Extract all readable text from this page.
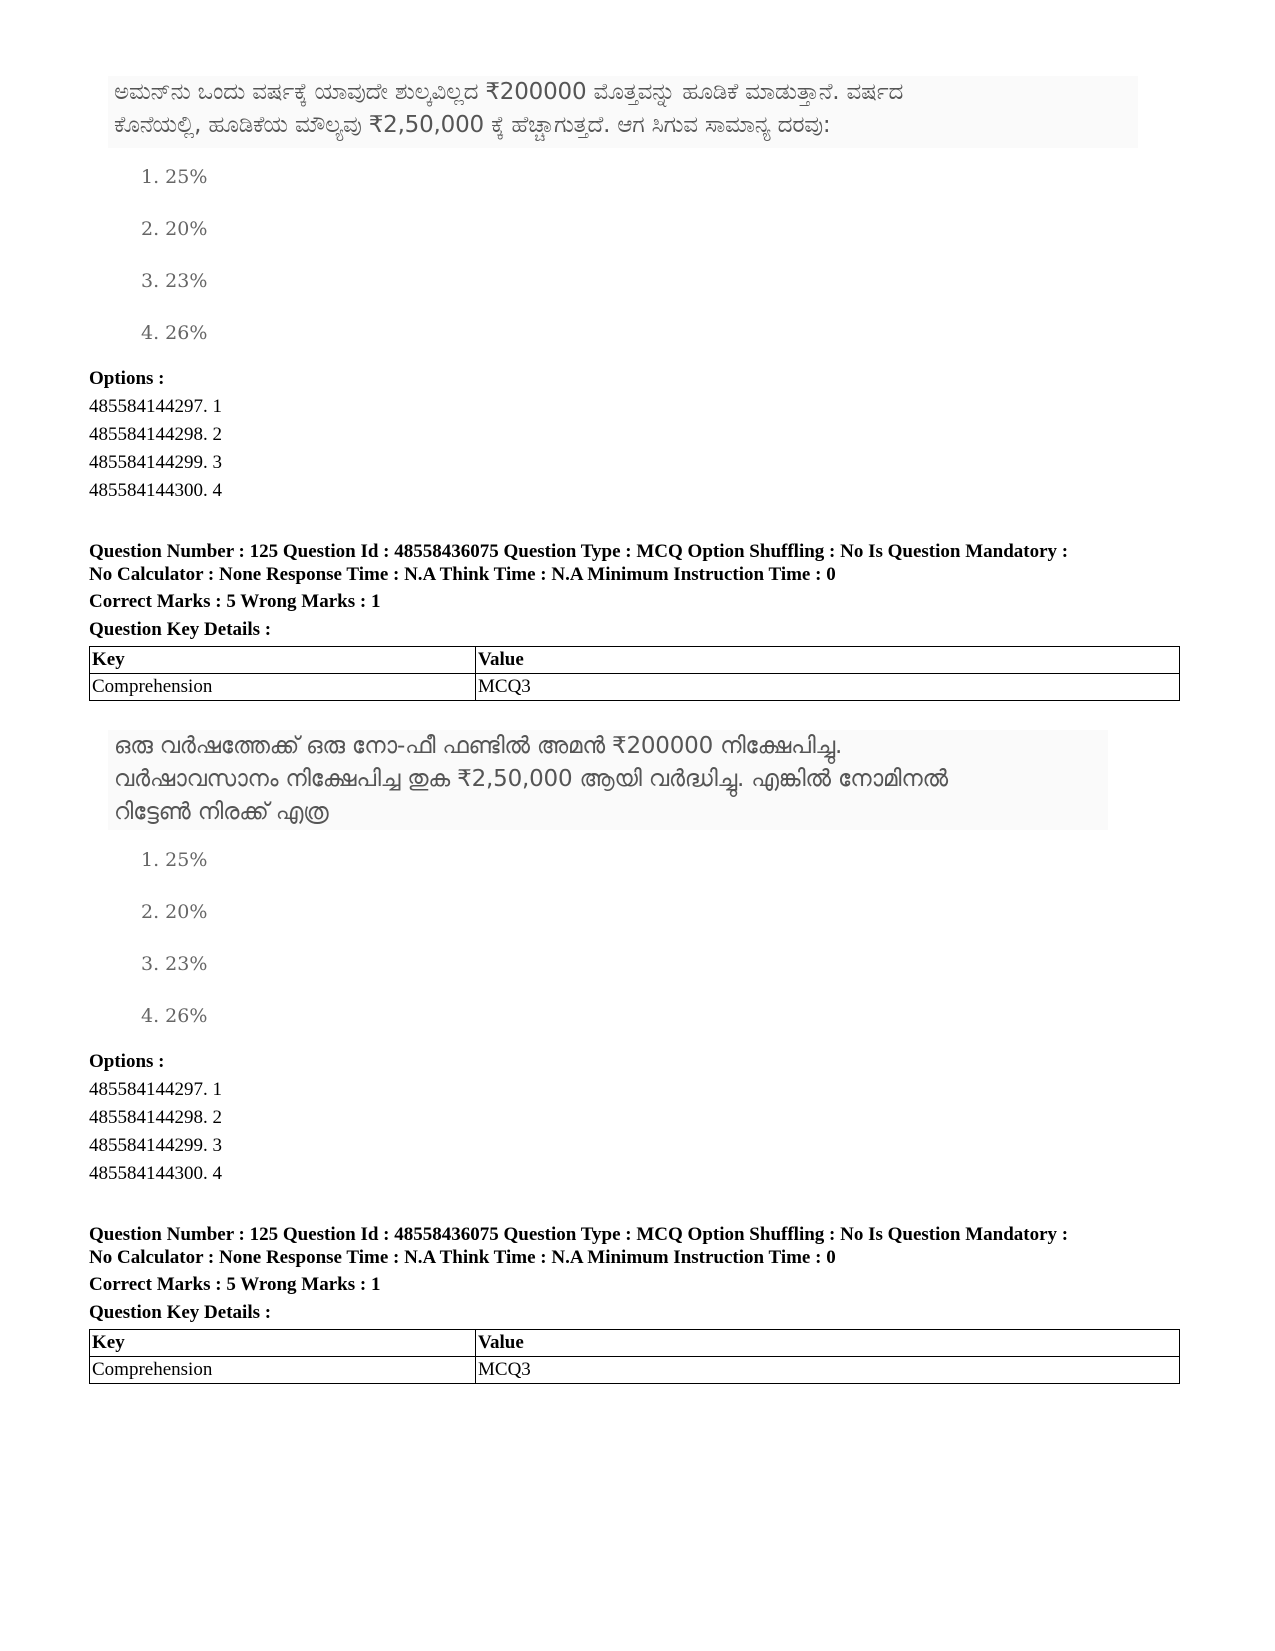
ಅಮನ್‌ನು ಒಂದು ವರ್ಷಕ್ಕೆ ಯಾವುದೇ ಶುಲ್ಕವಿಲ್ಲದ ₹200000 ಮೊತ್ತವನ್ನು ಹೂಡಿಕೆ ಮಾಡುತ್ತಾನೆ. ವರ್ಷದ
ಕೊನೆಯಲ್ಲಿ, ಹೂಡಿಕೆಯ ಮೌಲ್ಯವು ₹2,50,000 ಕ್ಕೆ ಹೆಚ್ಚಾಗುತ್ತದೆ. ಆಗ ಸಿಗುವ ಸಾಮಾನ್ಯ ದರವು:
1. 25%
2. 20%
3. 23%
4. 26%
Options :
485584144297. 1
485584144298. 2
485584144299. 3
485584144300. 4
Question Number : 125 Question Id : 48558436075 Question Type : MCQ Option Shuffling : No Is Question Mandatory :
No Calculator : None Response Time : N.A Think Time : N.A Minimum Instruction Time : 0
Correct Marks : 5 Wrong Marks : 1
Question Key Details :
Key	Value
Comprehension	MCQ3
ഒരു വർഷത്തേക്ക് ഒരു നോ-ഫീ ഫണ്ടിൽ അമൻ ₹200000 നിക്ഷേപിച്ചു.
വർഷാവസാനം നിക്ഷേപിച്ച തുക ₹2,50,000 ആയി വർദ്ധിച്ചു. എങ്കിൽ നോമിനൽ
റിട്ടേൺ നിരക്ക് എത്ര
1. 25%
2. 20%
3. 23%
4. 26%
Options :
485584144297. 1
485584144298. 2
485584144299. 3
485584144300. 4
Question Number : 125 Question Id : 48558436075 Question Type : MCQ Option Shuffling : No Is Question Mandatory :
No Calculator : None Response Time : N.A Think Time : N.A Minimum Instruction Time : 0
Correct Marks : 5 Wrong Marks : 1
Question Key Details :
Key	Value
Comprehension	MCQ3
